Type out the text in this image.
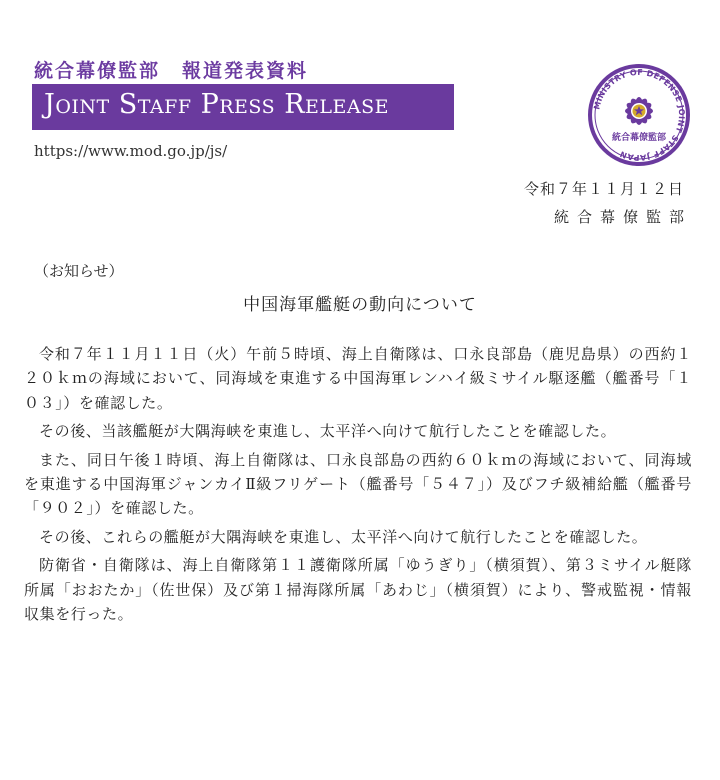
統合幕僚監部 報道発表資料
Joint Staff Press Release
https://www.mod.go.jp/js/
MINISTRY OF DEFENSE JOINT STAFF JAPAN
統合幕僚監部
令和７年１１月１２日
統合幕僚監部
（お知らせ）
中国海軍艦艇の動向について

令和７年１１月１１日（火）午前５時頃、海上自衛隊は、口永良部島（鹿児島県）の西約１２０ｋｍの海域において、同海域を東進する中国海軍レンハイ級ミサイル駆逐艦（艦番号「１０３」）を確認した。

その後、当該艦艇が大隅海峡を東進し、太平洋へ向けて航行したことを確認した。

また、同日午後１時頃、海上自衛隊は、口永良部島の西約６０ｋｍの海域において、同海域を東進する中国海軍ジャンカイⅡ級フリゲート（艦番号「５４７」）及びフチ級補給艦（艦番号「９０２」）を確認した。

その後、これらの艦艇が大隅海峡を東進し、太平洋へ向けて航行したことを確認した。

防衛省・自衛隊は、海上自衛隊第１１護衛隊所属「ゆうぎり」（横須賀）、第３ミサイル艇隊所属「おおたか」（佐世保）及び第１掃海隊所属「あわじ」（横須賀）により、警戒監視・情報収集を行った。
